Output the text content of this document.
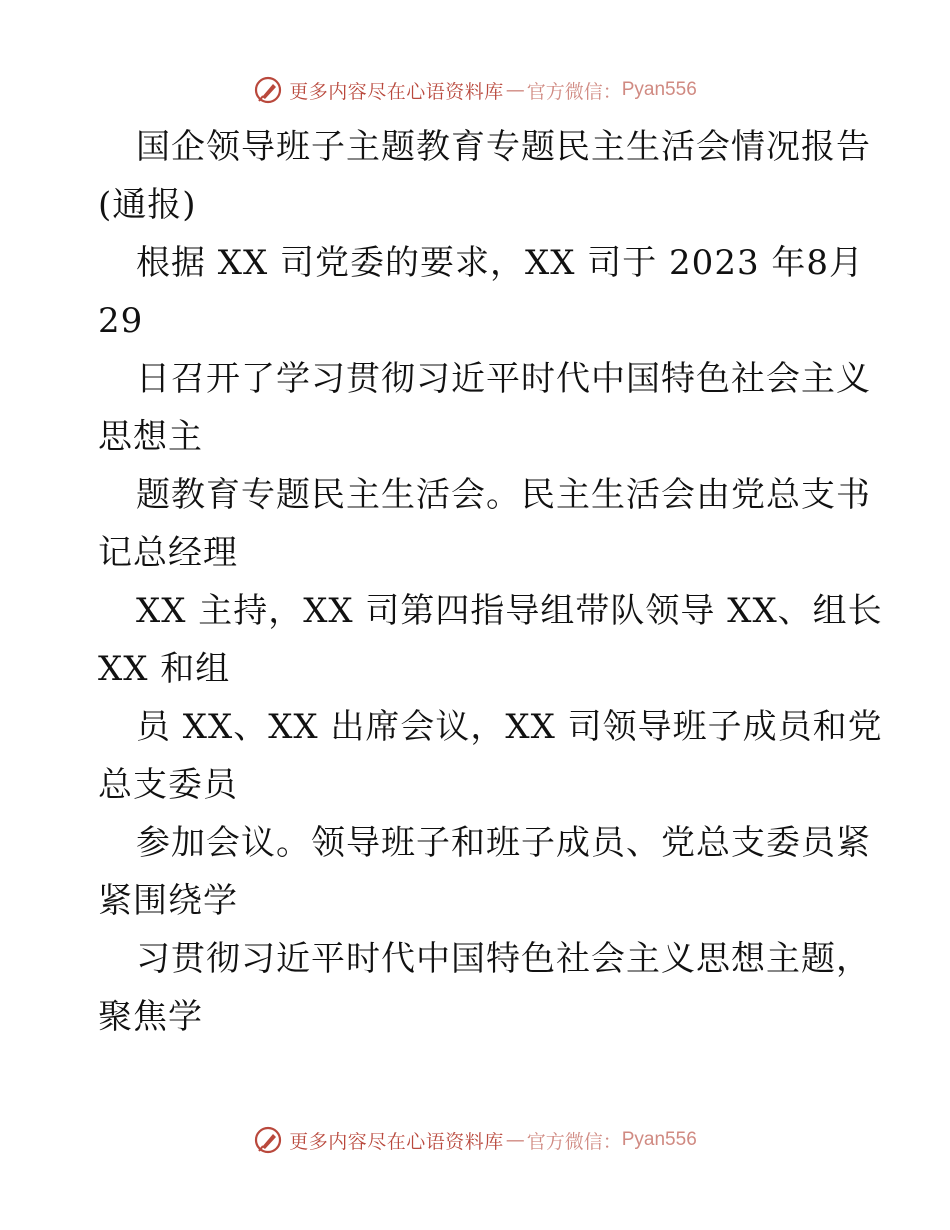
更多内容尽在心语资料库 — 官方微信： Pyan556
国企领导班子主题教育专题民主生活会情况报告
(通报)
根据 XX 司党委的要求，XX 司于 2023 年8月
29
日召开了学习贯彻习近平时代中国特色社会主义
思想主
题教育专题民主生活会。民主生活会由党总支书
记总经理
XX 主持，XX 司第四指导组带队领导 XX、组长
XX 和组
员 XX、XX 出席会议，XX 司领导班子成员和党
总支委员
参加会议。领导班子和班子成员、党总支委员紧
紧围绕学
习贯彻习近平时代中国特色社会主义思想主题，
聚焦学
更多内容尽在心语资料库 — 官方微信： Pyan556
